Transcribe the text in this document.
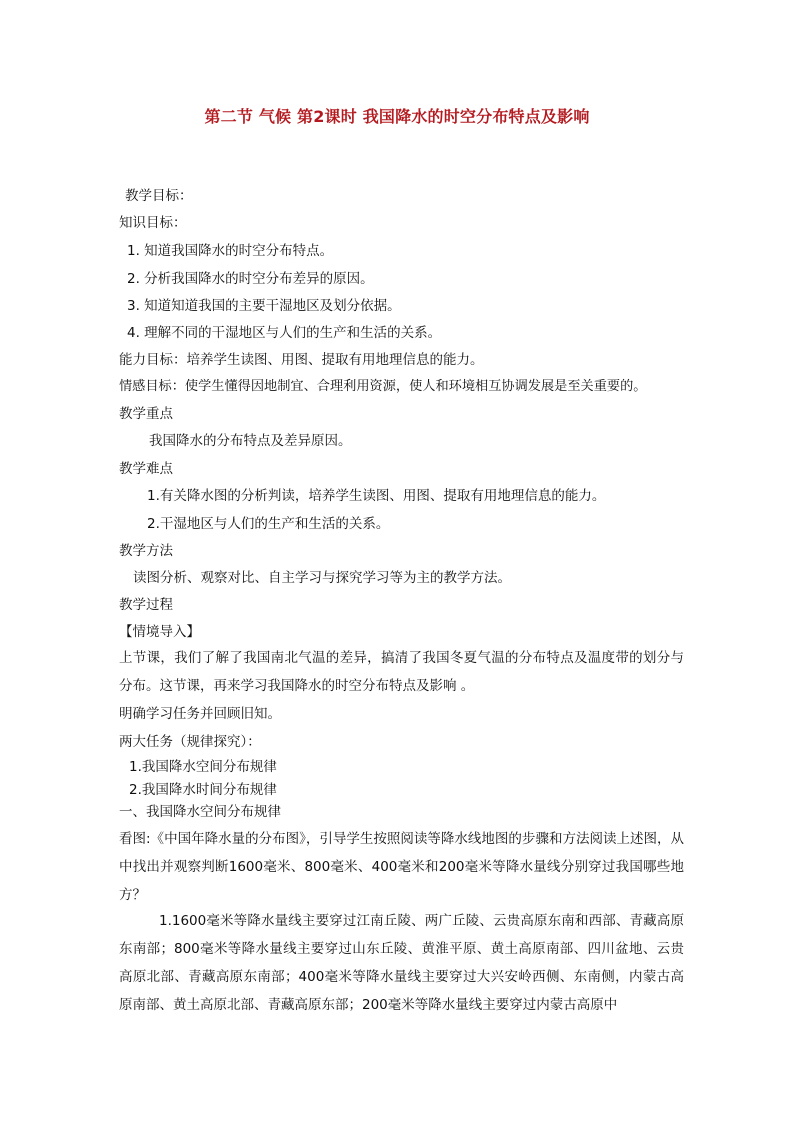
第二节 气候 第2课时 我国降水的时空分布特点及影响
教学目标：
知识目标：
1. 知道我国降水的时空分布特点。
2. 分析我国降水的时空分布差异的原因。
3. 知道知道我国的主要干湿地区及划分依据。
4. 理解不同的干湿地区与人们的生产和生活的关系。
能力目标：培养学生读图、用图、提取有用地理信息的能力。
情感目标：使学生懂得因地制宜、合理利用资源，使人和环境相互协调发展是至关重要的。
教学重点
我国降水的分布特点及差异原因。
教学难点
1.有关降水图的分析判读，培养学生读图、用图、提取有用地理信息的能力。
2.干湿地区与人们的生产和生活的关系。
教学方法
读图分析、观察对比、自主学习与探究学习等为主的教学方法。
教学过程
【情境导入】
上节课，我们了解了我国南北气温的差异，搞清了我国冬夏气温的分布特点及温度带的划分与分布。这节课，再来学习我国降水的时空分布特点及影响 。
明确学习任务并回顾旧知。
两大任务（规律探究）：
1.我国降水空间分布规律
2.我国降水时间分布规律
一、我国降水空间分布规律
看图:《中国年降水量的分布图》，引导学生按照阅读等降水线地图的步骤和方法阅读上述图，从中找出并观察判断1600毫米、800毫米、400毫米和200毫米等降水量线分别穿过我国哪些地方？
1.1600毫米等降水量线主要穿过江南丘陵、两广丘陵、云贵高原东南和西部、青藏高原东南部；800毫米等降水量线主要穿过山东丘陵、黄淮平原、黄土高原南部、四川盆地、云贵高原北部、青藏高原东南部；400毫米等降水量线主要穿过大兴安岭西侧、东南侧，内蒙古高原南部、黄土高原北部、青藏高原东部；200毫米等降水量线主要穿过内蒙古高原中
